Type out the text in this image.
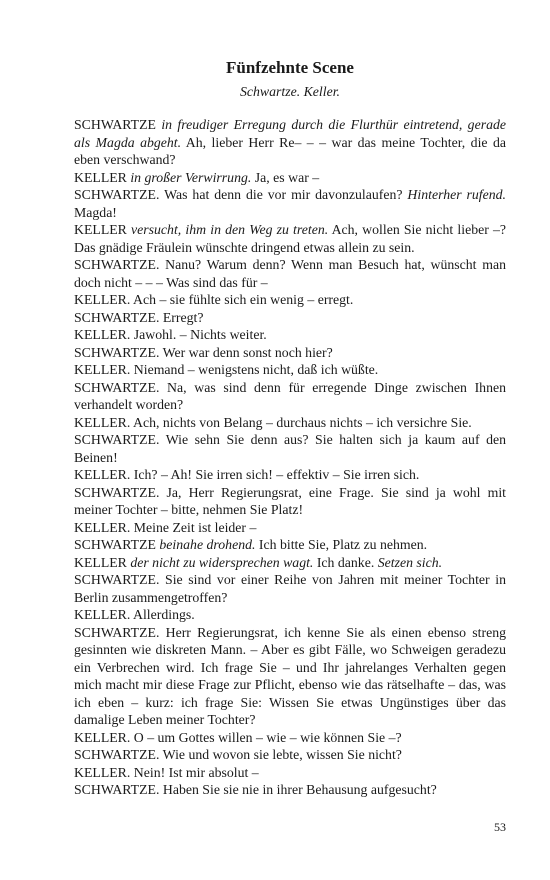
Fünfzehnte Scene
Schwartze. Keller.
SCHWARTZE in freudiger Erregung durch die Flurthür eintretend, gerade als Magda abgeht. Ah, lieber Herr Re– – – war das meine Tochter, die da eben verschwand?
KELLER in großer Verwirrung. Ja, es war –
SCHWARTZE. Was hat denn die vor mir davonzulaufen? Hinterher rufend. Magda!
KELLER versucht, ihm in den Weg zu treten. Ach, wollen Sie nicht lieber –? Das gnädige Fräulein wünschte dringend etwas allein zu sein.
SCHWARTZE. Nanu? Warum denn? Wenn man Besuch hat, wünscht man doch nicht – – – Was sind das für –
KELLER. Ach – sie fühlte sich ein wenig – erregt.
SCHWARTZE. Erregt?
KELLER. Jawohl. – Nichts weiter.
SCHWARTZE. Wer war denn sonst noch hier?
KELLER. Niemand – wenigstens nicht, daß ich wüßte.
SCHWARTZE. Na, was sind denn für erregende Dinge zwischen Ihnen verhandelt worden?
KELLER. Ach, nichts von Belang – durchaus nichts – ich versichre Sie.
SCHWARTZE. Wie sehn Sie denn aus? Sie halten sich ja kaum auf den Beinen!
KELLER. Ich? – Ah! Sie irren sich! – effektiv – Sie irren sich.
SCHWARTZE. Ja, Herr Regierungsrat, eine Frage. Sie sind ja wohl mit meiner Tochter – bitte, nehmen Sie Platz!
KELLER. Meine Zeit ist leider –
SCHWARTZE beinahe drohend. Ich bitte Sie, Platz zu nehmen.
KELLER der nicht zu widersprechen wagt. Ich danke. Setzen sich.
SCHWARTZE. Sie sind vor einer Reihe von Jahren mit meiner Tochter in Berlin zusammengetroffen?
KELLER. Allerdings.
SCHWARTZE. Herr Regierungsrat, ich kenne Sie als einen ebenso streng gesinnten wie diskreten Mann. – Aber es gibt Fälle, wo Schweigen geradezu ein Verbrechen wird. Ich frage Sie – und Ihr jahrelanges Verhalten gegen mich macht mir diese Frage zur Pflicht, ebenso wie das rätselhafte – das, was ich eben – kurz: ich frage Sie: Wissen Sie etwas Ungünstiges über das damalige Leben meiner Tochter?
KELLER. O – um Gottes willen – wie – wie können Sie –?
SCHWARTZE. Wie und wovon sie lebte, wissen Sie nicht?
KELLER. Nein! Ist mir absolut –
SCHWARTZE. Haben Sie sie nie in ihrer Behausung aufgesucht?
53
